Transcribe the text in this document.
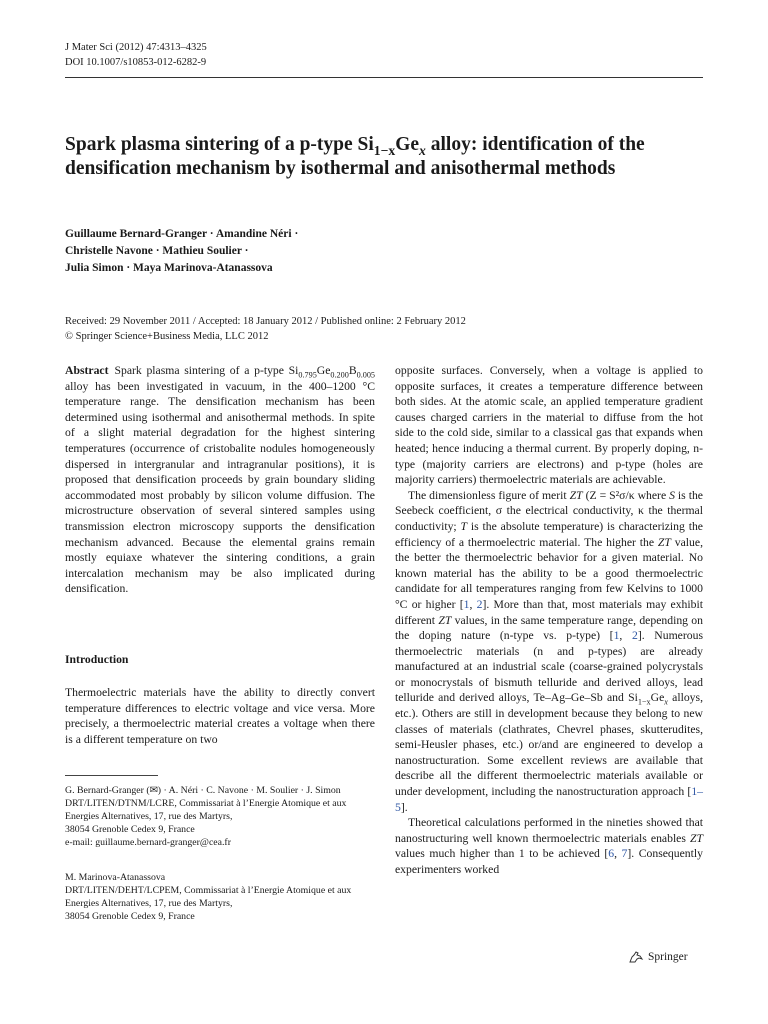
J Mater Sci (2012) 47:4313–4325
DOI 10.1007/s10853-012-6282-9
Spark plasma sintering of a p-type $Si_{1-x}Ge_x$ alloy: identification of the densification mechanism by isothermal and anisothermal methods
Guillaume Bernard-Granger · Amandine Néri ·
Christelle Navone · Mathieu Soulier ·
Julia Simon · Maya Marinova-Atanassova
Received: 29 November 2011 / Accepted: 18 January 2012 / Published online: 2 February 2012
© Springer Science+Business Media, LLC 2012

Abstract Spark plasma sintering of a p-type $Si_{0.795}Ge_{0.200}B_{0.005}$ alloy has been investigated in vacuum, in the 400–1200 °C temperature range. The densification mechanism has been determined using isothermal and anisothermal methods. In spite of a slight material degradation for the highest sintering temperatures (occurrence of cristobalite nodules homogeneously dispersed in intergranular and intragranular positions), it is proposed that densification proceeds by grain boundary sliding accommodated most probably by silicon volume diffusion. The microstructure observation of several sintered samples using transmission electron microscopy supports the densification mechanism advanced. Because the elemental grains remain mostly equiaxe whatever the sintering conditions, a grain intercalation mechanism may be also implicated during densification.

Introduction

Thermoelectric materials have the ability to directly convert temperature differences to electric voltage and vice versa. More precisely, a thermoelectric material creates a voltage when there is a different temperature on two

G. Bernard-Granger (✉) · A. Néri · C. Navone · M. Soulier · J. Simon

DRT/LITEN/DTNM/LCRE, Commissariat à l’Energie Atomique et aux Energies Alternatives, 17, rue des Martyrs,

38054 Grenoble Cedex 9, France

e-mail: guillaume.bernard-granger@cea.fr

M. Marinova-Atanassova

DRT/LITEN/DEHT/LCPEM, Commissariat à l’Energie Atomique et aux Energies Alternatives, 17, rue des Martyrs,

38054 Grenoble Cedex 9, France

opposite surfaces. Conversely, when a voltage is applied to opposite surfaces, it creates a temperature difference between both sides. At the atomic scale, an applied temperature gradient causes charged carriers in the material to diffuse from the hot side to the cold side, similar to a classical gas that expands when heated; hence inducing a thermal current. By properly doping, n-type (majority carriers are electrons) and p-type (holes are majority carriers) thermoelectric materials are achievable.

The dimensionless figure of merit ZT (Z = S²σ/κ where S is the Seebeck coefficient, σ the electrical conductivity, κ the thermal conductivity; T is the absolute temperature) is characterizing the efficiency of a thermoelectric material. The higher the ZT value, the better the thermoelectric behavior for a given material. No known material has the ability to be a good thermoelectric candidate for all temperatures ranging from few Kelvins to 1000 °C or higher [1, 2]. More than that, most materials may exhibit different ZT values, in the same temperature range, depending on the doping nature (n-type vs. p-type) [1, 2]. Numerous thermoelectric materials (n and p-types) are already manufactured at an industrial scale (coarse-grained polycrystals or monocrystals of bismuth telluride and derived alloys, lead telluride and derived alloys, Te–Ag–Ge–Sb and $Si_{1-x}Ge_x$ alloys, etc.). Others are still in development because they belong to new classes of materials (clathrates, Chevrel phases, skutterudites, semi-Heusler phases, etc.) or/and are engineered to develop a nanostructuration. Some excellent reviews are available that describe all the different thermoelectric materials available or under development, including the nanostructuration approach [1–5].

Theoretical calculations performed in the nineties showed that nanostructuring well known thermoelectric materials enables ZT values much higher than 1 to be achieved [6, 7]. Consequently experimenters worked

Springer
